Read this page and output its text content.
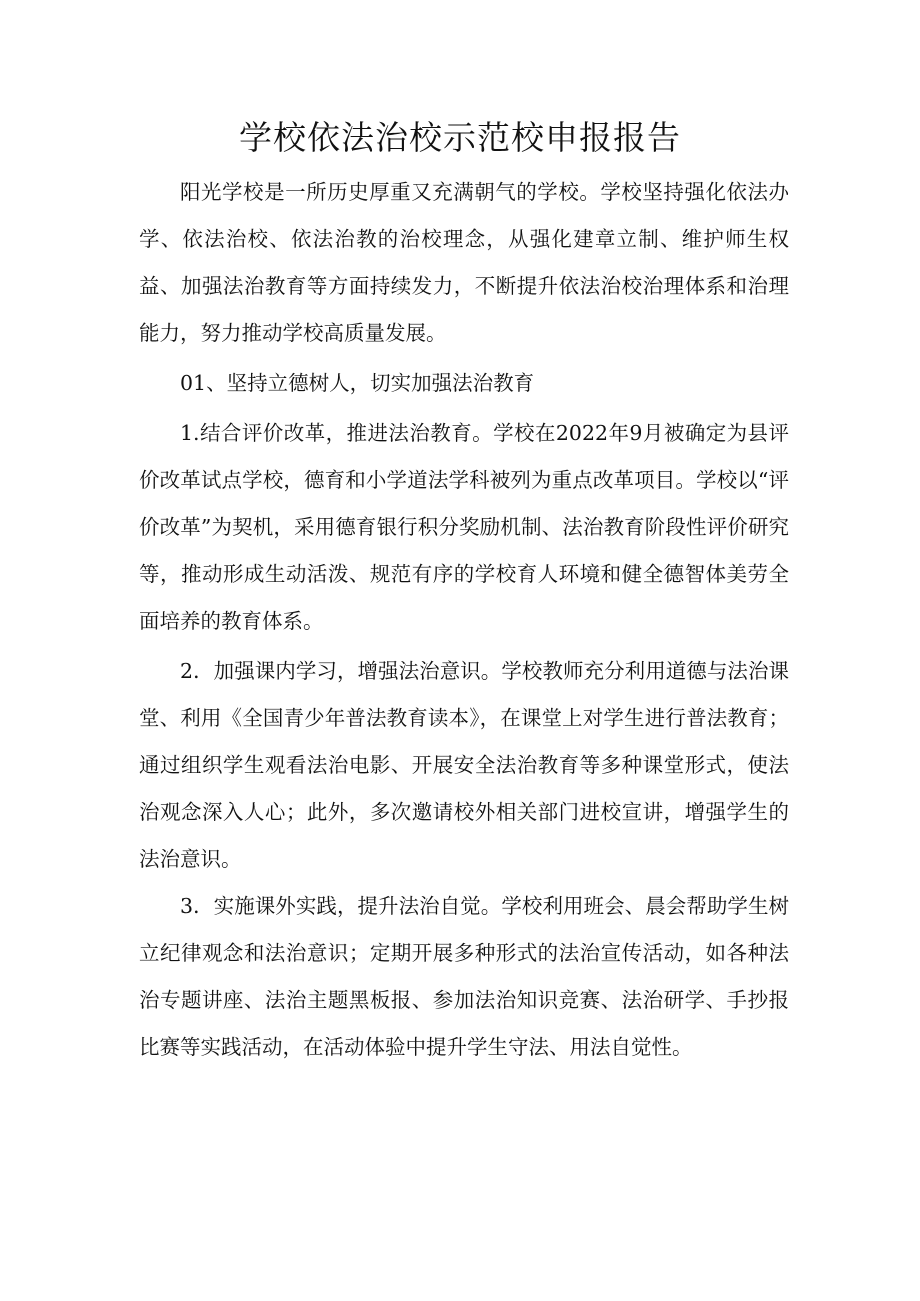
学校依法治校示范校申报报告

阳光学校是一所历史厚重又充满朝气的学校。学校坚持强化依法办学、依法治校、依法治教的治校理念，从强化建章立制、维护师生权益、加强法治教育等方面持续发力，不断提升依法治校治理体系和治理能力，努力推动学校高质量发展。

01、坚持立德树人，切实加强法治教育

1.结合评价改革，推进法治教育。学校在2022年9月被确定为县评价改革试点学校，德育和小学道法学科被列为重点改革项目。学校以“评价改革”为契机，采用德育银行积分奖励机制、法治教育阶段性评价研究等，推动形成生动活泼、规范有序的学校育人环境和健全德智体美劳全面培养的教育体系。

2．加强课内学习，增强法治意识。学校教师充分利用道德与法治课堂、利用《全国青少年普法教育读本》，在课堂上对学生进行普法教育；通过组织学生观看法治电影、开展安全法治教育等多种课堂形式，使法治观念深入人心；此外，多次邀请校外相关部门进校宣讲，增强学生的法治意识。

3．实施课外实践，提升法治自觉。学校利用班会、晨会帮助学生树立纪律观念和法治意识；定期开展多种形式的法治宣传活动，如各种法治专题讲座、法治主题黑板报、参加法治知识竞赛、法治研学、手抄报比赛等实践活动，在活动体验中提升学生守法、用法自觉性。
